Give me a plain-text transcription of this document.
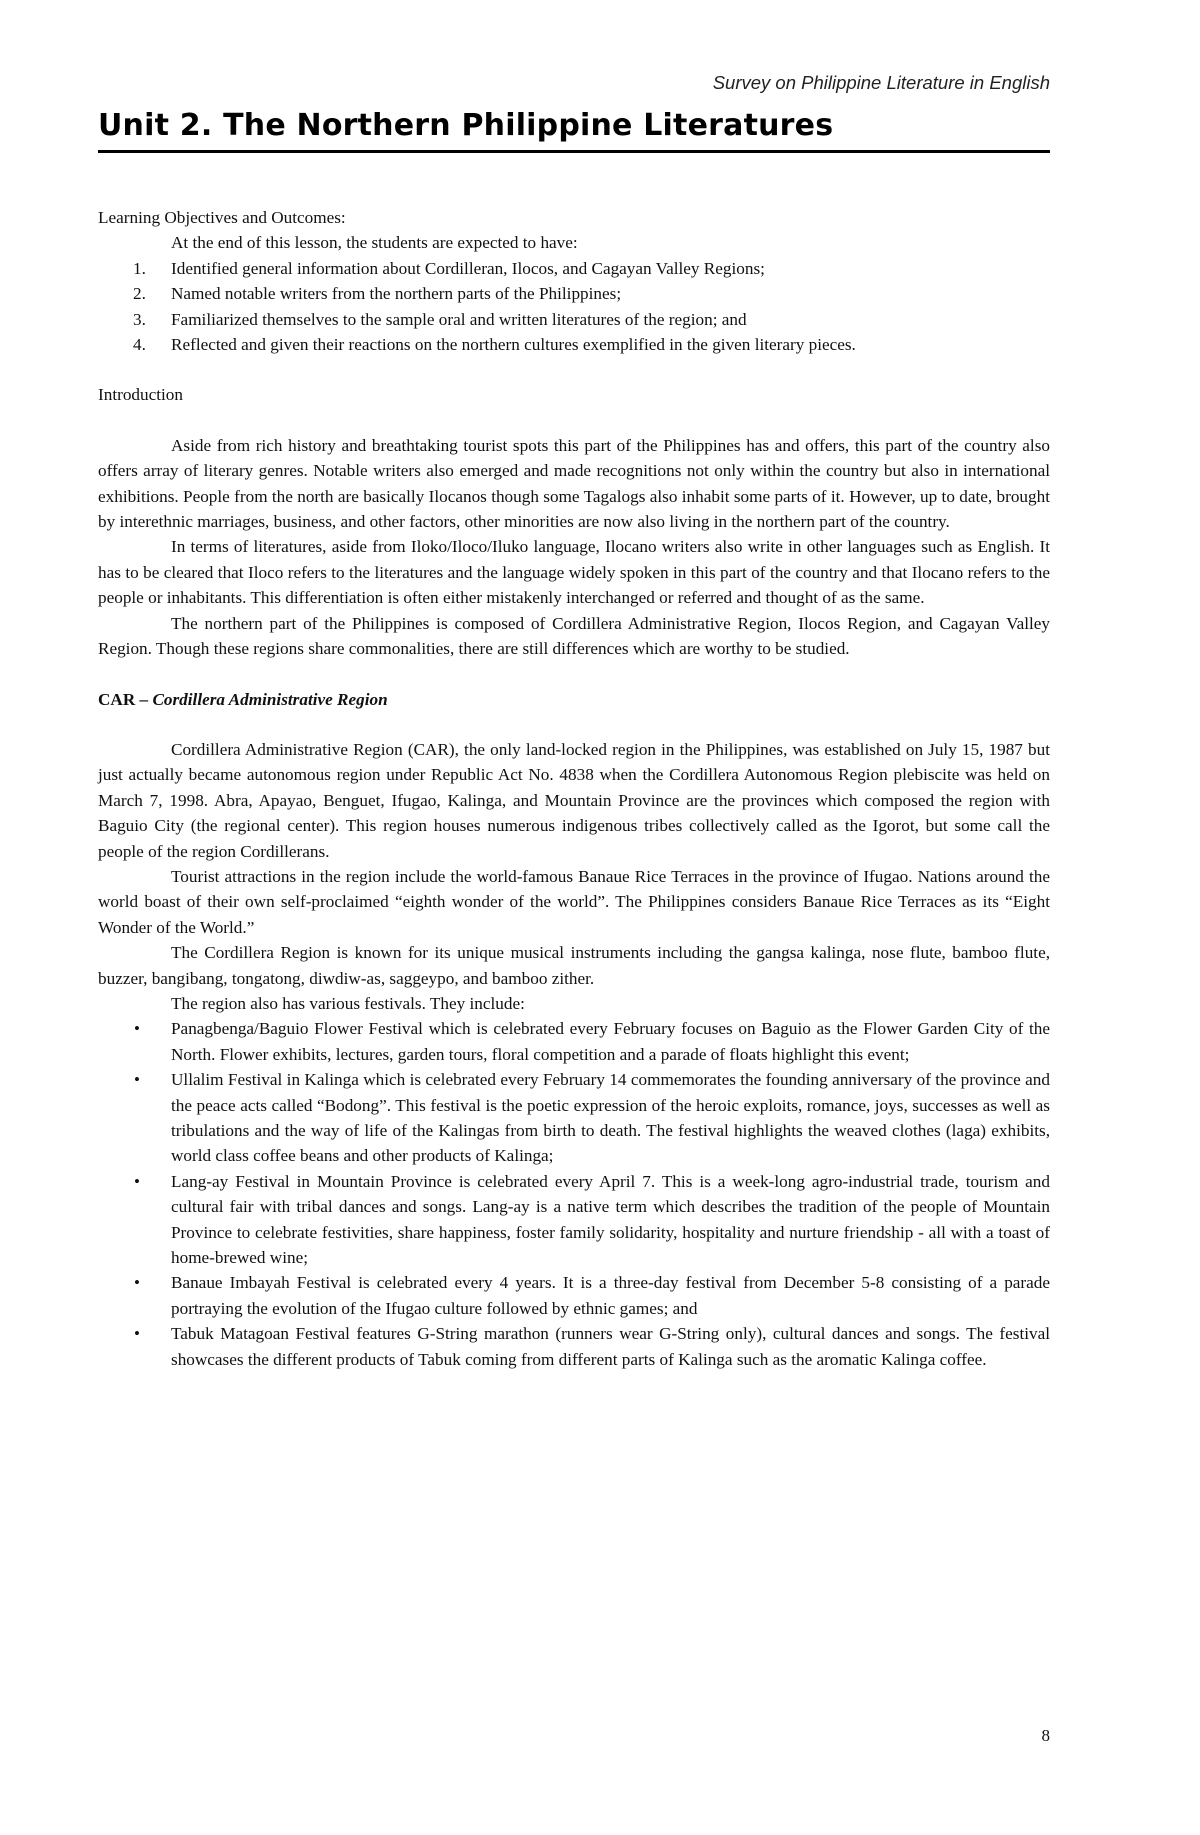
Survey on Philippine Literature in English
Unit 2. The Northern Philippine Literatures

Learning Objectives and Outcomes:

At the end of this lesson, the students are expected to have:

1. Identified general information about Cordilleran, Ilocos, and Cagayan Valley Regions;
2. Named notable writers from the northern parts of the Philippines;
3. Familiarized themselves to the sample oral and written literatures of the region; and
4. Reflected and given their reactions on the northern cultures exemplified in the given literary pieces.

Introduction

Aside from rich history and breathtaking tourist spots this part of the Philippines has and offers, this part of the country also offers array of literary genres. Notable writers also emerged and made recognitions not only within the country but also in international exhibitions. People from the north are basically Ilocanos though some Tagalogs also inhabit some parts of it. However, up to date, brought by interethnic marriages, business, and other factors, other minorities are now also living in the northern part of the country.

In terms of literatures, aside from Iloko/Iloco/Iluko language, Ilocano writers also write in other languages such as English. It has to be cleared that Iloco refers to the literatures and the language widely spoken in this part of the country and that Ilocano refers to the people or inhabitants. This differentiation is often either mistakenly interchanged or referred and thought of as the same.

The northern part of the Philippines is composed of Cordillera Administrative Region, Ilocos Region, and Cagayan Valley Region. Though these regions share commonalities, there are still differences which are worthy to be studied.

CAR – Cordillera Administrative Region

Cordillera Administrative Region (CAR), the only land-locked region in the Philippines, was established on July 15, 1987 but just actually became autonomous region under Republic Act No. 4838 when the Cordillera Autonomous Region plebiscite was held on March 7, 1998. Abra, Apayao, Benguet, Ifugao, Kalinga, and Mountain Province are the provinces which composed the region with Baguio City (the regional center). This region houses numerous indigenous tribes collectively called as the Igorot, but some call the people of the region Cordillerans.

Tourist attractions in the region include the world-famous Banaue Rice Terraces in the province of Ifugao. Nations around the world boast of their own self-proclaimed “eighth wonder of the world”. The Philippines considers Banaue Rice Terraces as its “Eight Wonder of the World.”

The Cordillera Region is known for its unique musical instruments including the gangsa kalinga, nose flute, bamboo flute, buzzer, bangibang, tongatong, diwdiw-as, saggeypo, and bamboo zither.

The region also has various festivals. They include:

• Panagbenga/Baguio Flower Festival which is celebrated every February focuses on Baguio as the Flower Garden City of the North. Flower exhibits, lectures, garden tours, floral competition and a parade of floats highlight this event;
• Ullalim Festival in Kalinga which is celebrated every February 14 commemorates the founding anniversary of the province and the peace acts called “Bodong”. This festival is the poetic expression of the heroic exploits, romance, joys, successes as well as tribulations and the way of life of the Kalingas from birth to death. The festival highlights the weaved clothes (laga) exhibits, world class coffee beans and other products of Kalinga;
• Lang-ay Festival in Mountain Province is celebrated every April 7. This is a week-long agro-industrial trade, tourism and cultural fair with tribal dances and songs. Lang-ay is a native term which describes the tradition of the people of Mountain Province to celebrate festivities, share happiness, foster family solidarity, hospitality and nurture friendship - all with a toast of home-brewed wine;
• Banaue Imbayah Festival is celebrated every 4 years. It is a three-day festival from December 5-8 consisting of a parade portraying the evolution of the Ifugao culture followed by ethnic games; and
• Tabuk Matagoan Festival features G-String marathon (runners wear G-String only), cultural dances and songs. The festival showcases the different products of Tabuk coming from different parts of Kalinga such as the aromatic Kalinga coffee.
8
